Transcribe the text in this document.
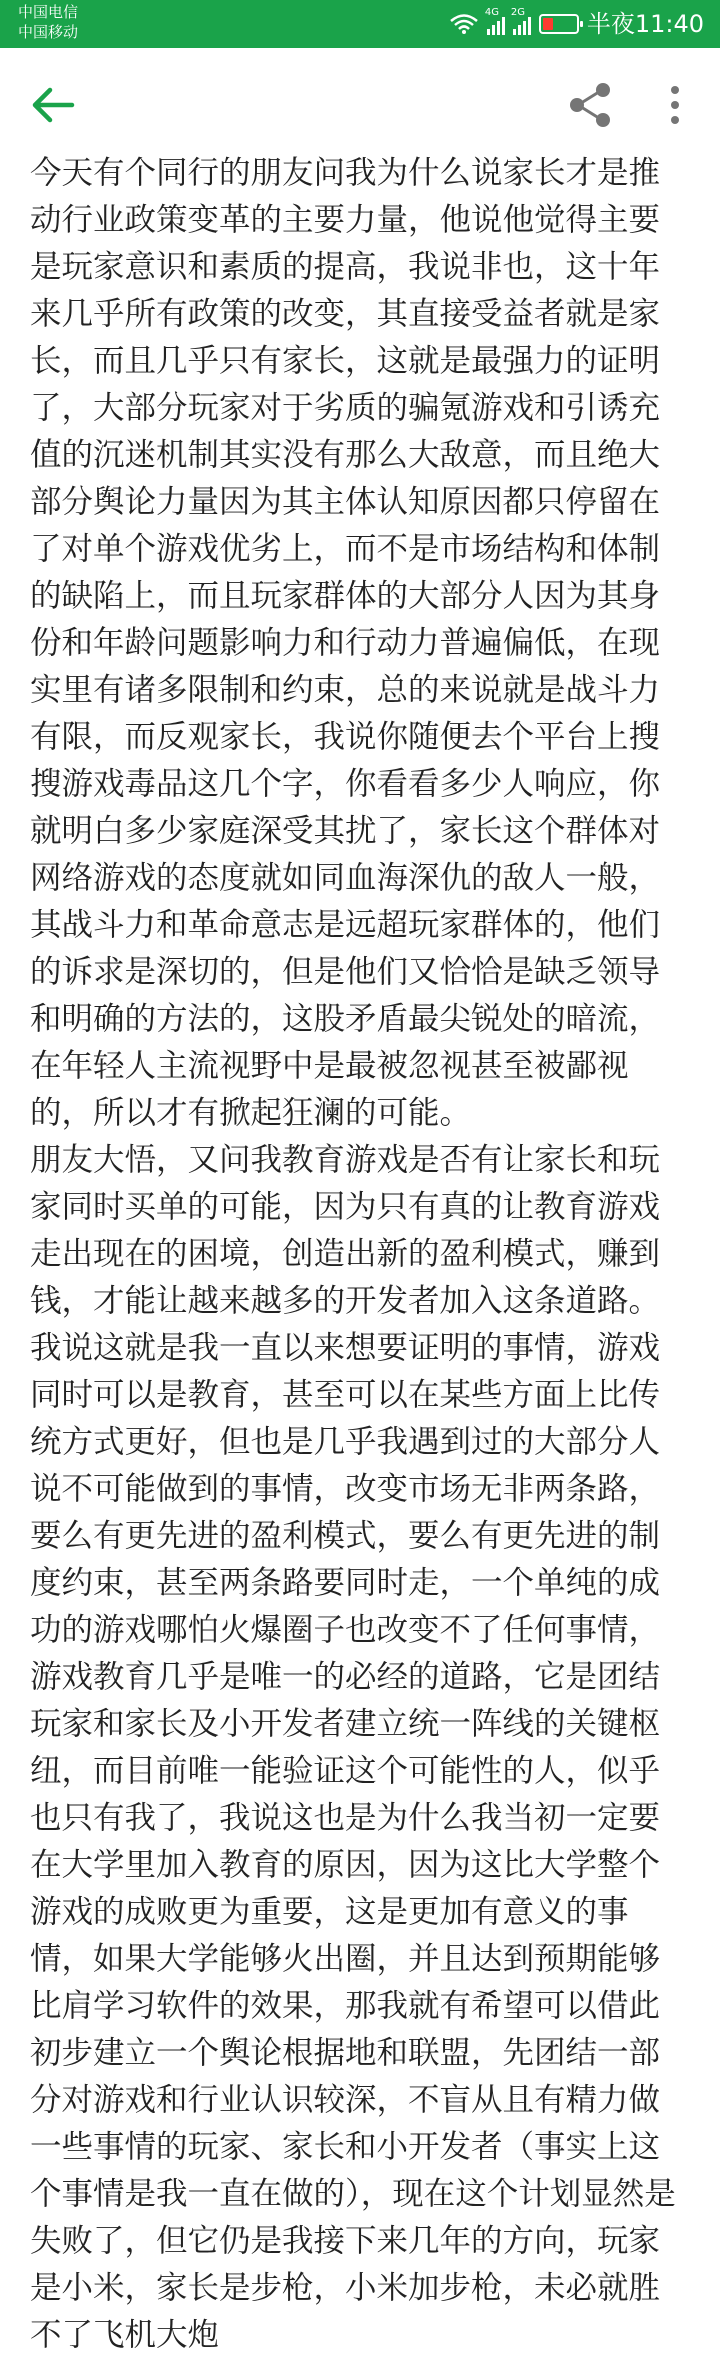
中国电信
中国移动
4G 2G	半夜11:40

今天有个同行的朋友问我为什么说家长才是推动行业政策变革的主要力量，他说他觉得主要是玩家意识和素质的提高，我说非也，这十年来几乎所有政策的改变，其直接受益者就是家长，而且几乎只有家长，这就是最强力的证明了，大部分玩家对于劣质的骗氪游戏和引诱充值的沉迷机制其实没有那么大敌意，而且绝大部分舆论力量因为其主体认知原因都只停留在了对单个游戏优劣上，而不是市场结构和体制的缺陷上，而且玩家群体的大部分人因为其身份和年龄问题影响力和行动力普遍偏低，在现实里有诸多限制和约束，总的来说就是战斗力有限，而反观家长，我说你随便去个平台上搜搜游戏毒品这几个字，你看看多少人响应，你就明白多少家庭深受其扰了，家长这个群体对网络游戏的态度就如同血海深仇的敌人一般，其战斗力和革命意志是远超玩家群体的，他们的诉求是深切的，但是他们又恰恰是缺乏领导和明确的方法的，这股矛盾最尖锐处的暗流，在年轻人主流视野中是最被忽视甚至被鄙视的，所以才有掀起狂澜的可能。

朋友大悟，又问我教育游戏是否有让家长和玩家同时买单的可能，因为只有真的让教育游戏走出现在的困境，创造出新的盈利模式，赚到钱，才能让越来越多的开发者加入这条道路。

我说这就是我一直以来想要证明的事情，游戏同时可以是教育，甚至可以在某些方面上比传统方式更好，但也是几乎我遇到过的大部分人说不可能做到的事情，改变市场无非两条路，要么有更先进的盈利模式，要么有更先进的制度约束，甚至两条路要同时走，一个单纯的成功的游戏哪怕火爆圈子也改变不了任何事情，游戏教育几乎是唯一的必经的道路，它是团结玩家和家长及小开发者建立统一阵线的关键枢纽，而目前唯一能验证这个可能性的人，似乎也只有我了，我说这也是为什么我当初一定要在大学里加入教育的原因，因为这比大学整个游戏的成败更为重要，这是更加有意义的事情，如果大学能够火出圈，并且达到预期能够比肩学习软件的效果，那我就有希望可以借此初步建立一个舆论根据地和联盟，先团结一部分对游戏和行业认识较深，不盲从且有精力做一些事情的玩家、家长和小开发者（事实上这个事情是我一直在做的），现在这个计划显然是失败了，但它仍是我接下来几年的方向，玩家是小米，家长是步枪，小米加步枪，未必就胜不了飞机大炮
